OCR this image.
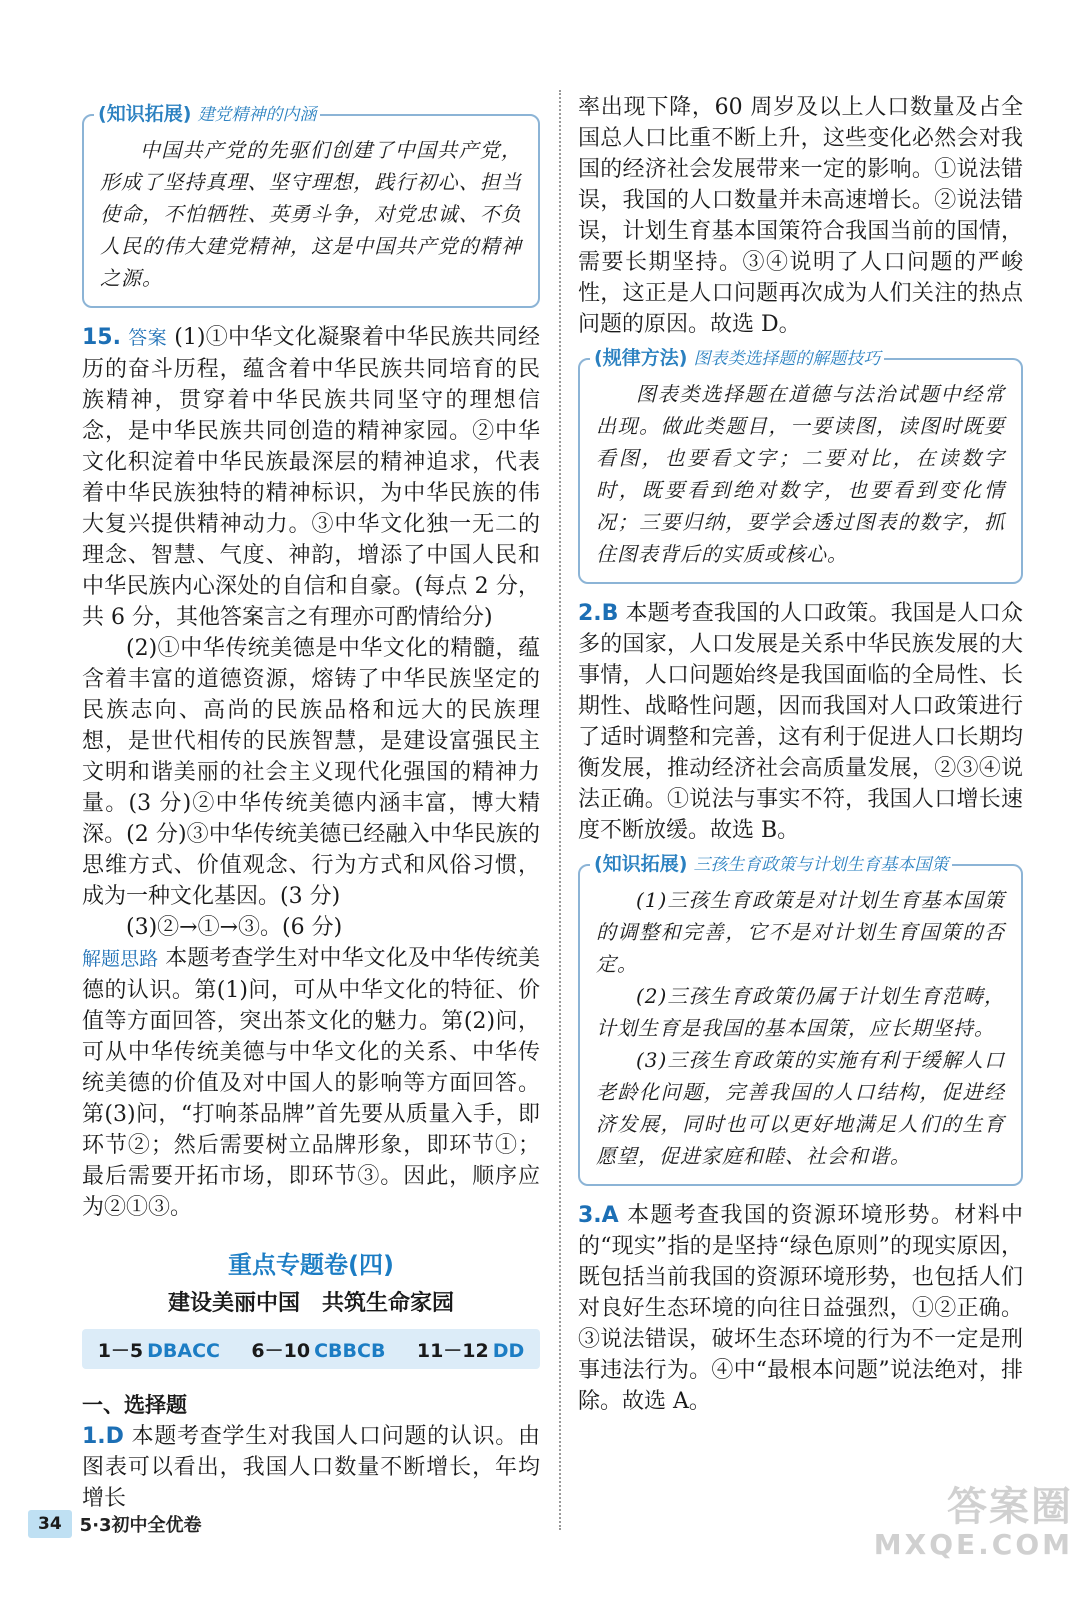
(知识拓展) 建党精神的内涵

中国共产党的先驱们创建了中国共产党，形成了坚持真理、坚守理想，践行初心、担当使命，不怕牺牲、英勇斗争，对党忠诚、不负人民的伟大建党精神，这是中国共产党的精神之源。

15. 答案 (1)①中华文化凝聚着中华民族共同经历的奋斗历程，蕴含着中华民族共同培育的民族精神，贯穿着中华民族共同坚守的理想信念，是中华民族共同创造的精神家园。②中华文化积淀着中华民族最深层的精神追求，代表着中华民族独特的精神标识，为中华民族的伟大复兴提供精神动力。③中华文化独一无二的理念、智慧、气度、神韵，增添了中国人民和中华民族内心深处的自信和自豪。(每点 2 分，共 6 分，其他答案言之有理亦可酌情给分)

(2)①中华传统美德是中华文化的精髓，蕴含着丰富的道德资源，熔铸了中华民族坚定的民族志向、高尚的民族品格和远大的民族理想，是世代相传的民族智慧，是建设富强民主文明和谐美丽的社会主义现代化强国的精神力量。(3 分)②中华传统美德内涵丰富，博大精深。(2 分)③中华传统美德已经融入中华民族的思维方式、价值观念、行为方式和风俗习惯，成为一种文化基因。(3 分)

(3)②→①→③。(6 分)

解题思路 本题考查学生对中华文化及中华传统美德的认识。第(1)问，可从中华文化的特征、价值等方面回答，突出茶文化的魅力。第(2)问，可从中华传统美德与中华文化的关系、中华传统美德的价值及对中国人的影响等方面回答。第(3)问，“打响茶品牌”首先要从质量入手，即环节②；然后需要树立品牌形象，即环节①；最后需要开拓市场，即环节③。因此，顺序应为②①③。

重点专题卷(四)
建设美丽中国　共筑生命家园
1－5 DBACC 6－10 CBBCB 11－12 DD
一、选择题

1.D 本题考查学生对我国人口问题的认识。由图表可以看出，我国人口数量不断增长，年均增长

率出现下降，60 周岁及以上人口数量及占全国总人口比重不断上升，这些变化必然会对我国的经济社会发展带来一定的影响。①说法错误，我国的人口数量并未高速增长。②说法错误，计划生育基本国策符合我国当前的国情，需要长期坚持。③④说明了人口问题的严峻性，这正是人口问题再次成为人们关注的热点问题的原因。故选 D。

(规律方法) 图表类选择题的解题技巧

图表类选择题在道德与法治试题中经常出现。做此类题目，一要读图，读图时既要看图，也要看文字；二要对比，在读数字时，既要看到绝对数字，也要看到变化情况；三要归纳，要学会透过图表的数字，抓住图表背后的实质或核心。

2.B 本题考查我国的人口政策。我国是人口众多的国家，人口发展是关系中华民族发展的大事情，人口问题始终是我国面临的全局性、长期性、战略性问题，因而我国对人口政策进行了适时调整和完善，这有利于促进人口长期均衡发展，推动经济社会高质量发展，②③④说法正确。①说法与事实不符，我国人口增长速度不断放缓。故选 B。

(知识拓展) 三孩生育政策与计划生育基本国策

(1)三孩生育政策是对计划生育基本国策的调整和完善，它不是对计划生育国策的否定。

(2)三孩生育政策仍属于计划生育范畴，计划生育是我国的基本国策，应长期坚持。

(3)三孩生育政策的实施有利于缓解人口老龄化问题，完善我国的人口结构，促进经济发展，同时也可以更好地满足人们的生育愿望，促进家庭和睦、社会和谐。

3.A 本题考查我国的资源环境形势。材料中的“现实”指的是坚持“绿色原则”的现实原因，既包括当前我国的资源环境形势，也包括人们对良好生态环境的向往日益强烈，①②正确。③说法错误，破坏生态环境的行为不一定是刑事违法行为。④中“最根本问题”说法绝对，排除。故选 A。

34	5·3初中全优卷	答案圈
MXQE.COM
